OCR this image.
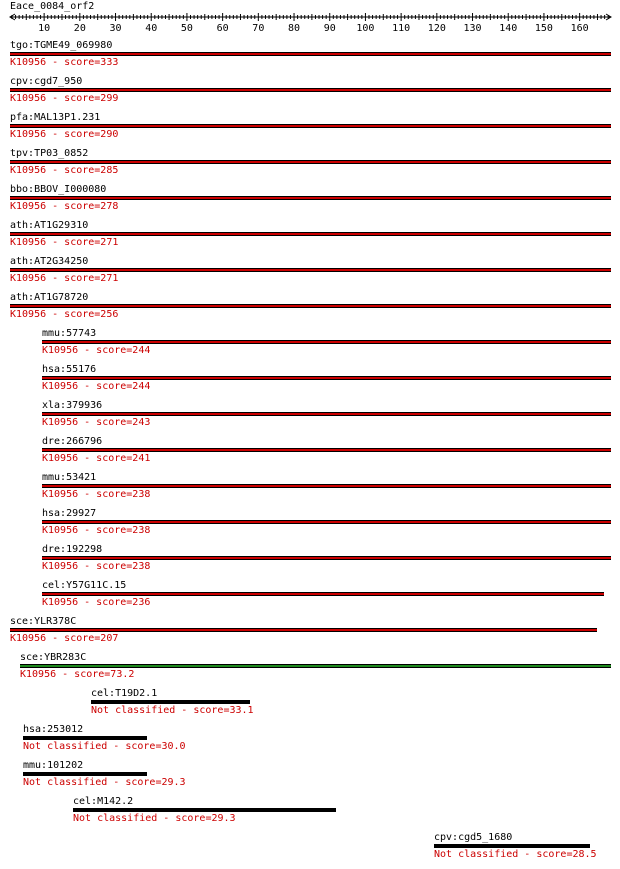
Eace_0084_orf2
10 20 30 40 50 60 70 80 90 100 110 120 130 140 150 160
tgo:TGME49_069980
K10956 - score=333
cpv:cgd7_950
K10956 - score=299
pfa:MAL13P1.231
K10956 - score=290
tpv:TP03_0852
K10956 - score=285
bbo:BBOV_I000080
K10956 - score=278
ath:AT1G29310
K10956 - score=271
ath:AT2G34250
K10956 - score=271
ath:AT1G78720
K10956 - score=256
mmu:57743
K10956 - score=244
hsa:55176
K10956 - score=244
xla:379936
K10956 - score=243
dre:266796
K10956 - score=241
mmu:53421
K10956 - score=238
hsa:29927
K10956 - score=238
dre:192298
K10956 - score=238
cel:Y57G11C.15
K10956 - score=236
sce:YLR378C
K10956 - score=207
sce:YBR283C
K10956 - score=73.2
cel:T19D2.1
Not classified - score=33.1
hsa:253012
Not classified - score=30.0
mmu:101202
Not classified - score=29.3
cel:M142.2
Not classified - score=29.3
cpv:cgd5_1680
Not classified - score=28.5
